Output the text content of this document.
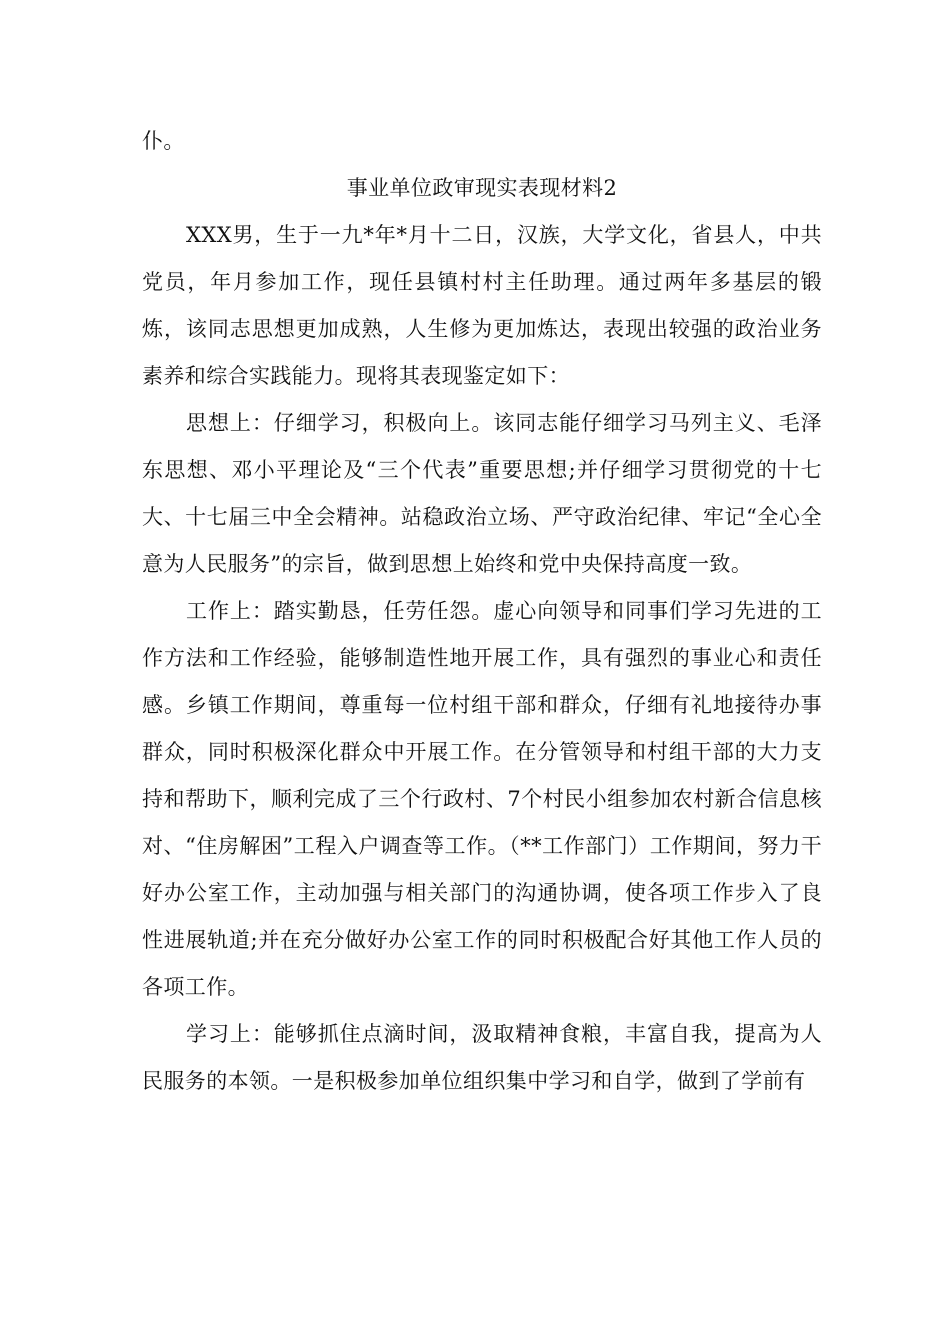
仆。

事业单位政审现实表现材料2

XXX男，生于一九*年*月十二日，汉族，大学文化，省县人，中共党员，年月参加工作，现任县镇村村主任助理。通过两年多基层的锻炼，该同志思想更加成熟，人生修为更加炼达，表现出较强的政治业务素养和综合实践能力。现将其表现鉴定如下：

思想上：仔细学习，积极向上。该同志能仔细学习马列主义、毛泽东思想、邓小平理论及“三个代表”重要思想;并仔细学习贯彻党的十七大、十七届三中全会精神。站稳政治立场、严守政治纪律、牢记“全心全意为人民服务”的宗旨，做到思想上始终和党中央保持高度一致。

工作上：踏实勤恳，任劳任怨。虚心向领导和同事们学习先进的工作方法和工作经验，能够制造性地开展工作，具有强烈的事业心和责任感。乡镇工作期间，尊重每一位村组干部和群众，仔细有礼地接待办事群众，同时积极深化群众中开展工作。在分管领导和村组干部的大力支持和帮助下，顺利完成了三个行政村、7个村民小组参加农村新合信息核对、“住房解困”工程入户调查等工作。（**工作部门）工作期间，努力干好办公室工作，主动加强与相关部门的沟通协调，使各项工作步入了良性进展轨道;并在充分做好办公室工作的同时积极配合好其他工作人员的各项工作。

学习上：能够抓住点滴时间，汲取精神食粮，丰富自我，提高为人民服务的本领。一是积极参加单位组织集中学习和自学，做到了学前有
